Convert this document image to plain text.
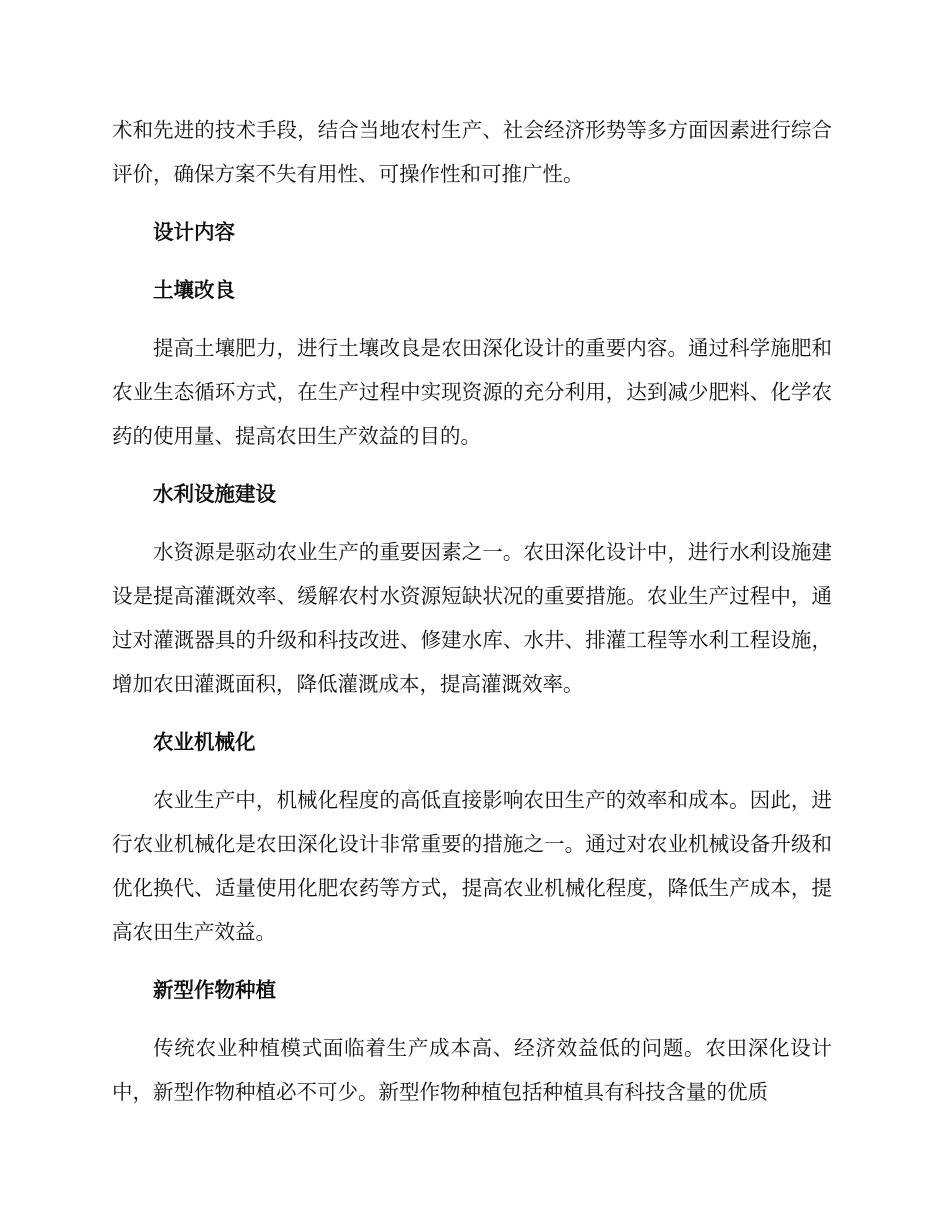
术和先进的技术手段，结合当地农村生产、社会经济形势等多方面因素进行综合评价，确保方案不失有用性、可操作性和可推广性。

设计内容

土壤改良

提高土壤肥力，进行土壤改良是农田深化设计的重要内容。通过科学施肥和农业生态循环方式，在生产过程中实现资源的充分利用，达到减少肥料、化学农药的使用量、提高农田生产效益的目的。

水利设施建设

水资源是驱动农业生产的重要因素之一。农田深化设计中，进行水利设施建设是提高灌溉效率、缓解农村水资源短缺状况的重要措施。农业生产过程中，通过对灌溉器具的升级和科技改进、修建水库、水井、排灌工程等水利工程设施，增加农田灌溉面积，降低灌溉成本，提高灌溉效率。

农业机械化

农业生产中，机械化程度的高低直接影响农田生产的效率和成本。因此，进行农业机械化是农田深化设计非常重要的措施之一。通过对农业机械设备升级和优化换代、适量使用化肥农药等方式，提高农业机械化程度，降低生产成本，提高农田生产效益。

新型作物种植

传统农业种植模式面临着生产成本高、经济效益低的问题。农田深化设计中，新型作物种植必不可少。新型作物种植包括种植具有科技含量的优质
